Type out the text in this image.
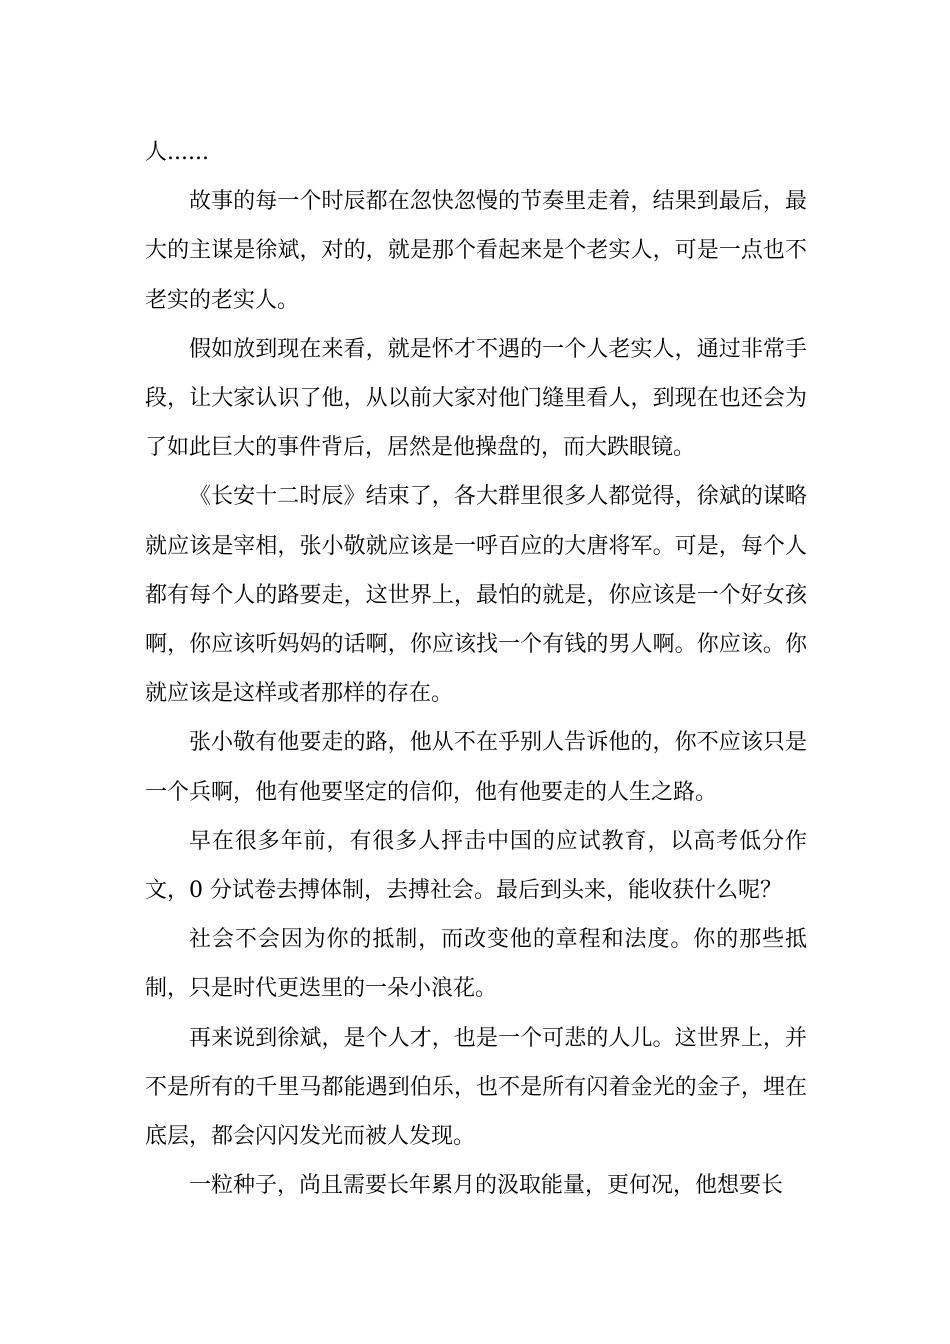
人......

故事的每一个时辰都在忽快忽慢的节奏里走着，结果到最后，最大的主谋是徐斌，对的，就是那个看起来是个老实人，可是一点也不老实的老实人。

假如放到现在来看，就是怀才不遇的一个人老实人，通过非常手段，让大家认识了他，从以前大家对他门缝里看人，到现在也还会为了如此巨大的事件背后，居然是他操盘的，而大跌眼镜。

《长安十二时辰》结束了，各大群里很多人都觉得，徐斌的谋略就应该是宰相，张小敬就应该是一呼百应的大唐将军。可是，每个人都有每个人的路要走，这世界上，最怕的就是，你应该是一个好女孩啊，你应该听妈妈的话啊，你应该找一个有钱的男人啊。你应该。你就应该是这样或者那样的存在。

张小敬有他要走的路，他从不在乎别人告诉他的，你不应该只是一个兵啊，他有他要坚定的信仰，他有他要走的人生之路。

早在很多年前，有很多人抨击中国的应试教育，以高考低分作文，0 分试卷去搏体制，去搏社会。最后到头来，能收获什么呢？

社会不会因为你的抵制，而改变他的章程和法度。你的那些抵制，只是时代更迭里的一朵小浪花。

再来说到徐斌，是个人才，也是一个可悲的人儿。这世界上，并不是所有的千里马都能遇到伯乐，也不是所有闪着金光的金子，埋在底层，都会闪闪发光而被人发现。

一粒种子，尚且需要长年累月的汲取能量，更何况，他想要长
